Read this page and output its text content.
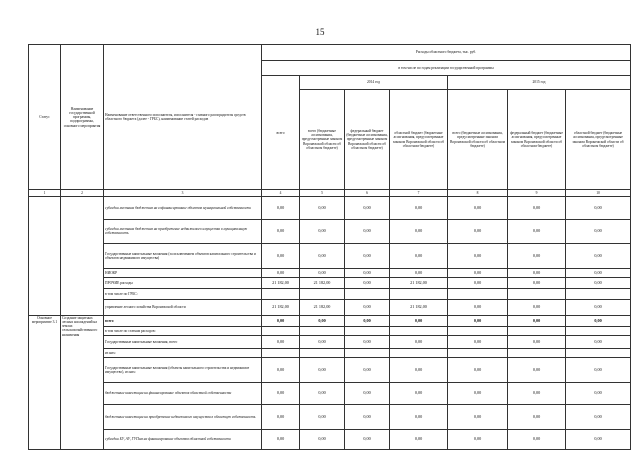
15
Статус	Наименование государственной программы, подпрограммы, основного мероприятия	Наименование ответственного исполнителя, исполнителя - главного распорядителя средств областного бюджета (далее - ГРБС), наименование статей расходов	Расходы областного бюджета, тыс. руб.						
			в том числе по годам реализации государственной программы						
			всего	2014 год			2015 год		
				всего (бюджетные ассигнования, предусмотренные законом Воронежской области об областном бюджете)	федеральный бюджет (бюджетные ассигнования, предусмотренные законом Воронежской области об областном бюджете)	областной бюджет (бюджетные ассигнования, предусмотренные законом Воронежской области об областном бюджете)	всего (бюджетные ассигнования, предусмотренные законом Воронежской области об областном бюджете)	федеральный бюджет (бюджетные ассигнования, предусмотренные законом Воронежской области об областном бюджете)	областной бюджет (бюджетные ассигнования, предусмотренные законом Воронежской области об областном бюджете)
1	2	3	4	5	6	7	8	9	10
		субсидии местным бюджетам на софинансирование объектов муниципальной собственности	0,00	0,00	0,00	0,00	0,00	0,00	0,00
		субсидии местным бюджетам на приобретение недвижимого имущества в муниципальную собственность	0,00	0,00	0,00	0,00	0,00	0,00	0,00
		Государственные капитальные вложения (за исключением объектов капитального строительства и объектов недвижимого имущества)	0,00	0,00	0,00	0,00	0,00	0,00	0,00
		НИОКР	0,00	0,00	0,00	0,00	0,00	0,00	0,00
		ПРОЧИЕ расходы	21 182,00	21 182,00	0,00	21 182,00	0,00	0,00	0,00
		в том числе по ГРБС:							
		управление лесного хозяйства Воронежской области	21 182,00	21 182,00	0,00	21 182,00	0,00	0,00	0,00
Основное мероприятие 3.1	Создание защитных лесных насаждений на землях сельскохозяйственного назначения	всего	0,00	0,00	0,00	0,00	0,00	0,00	0,00
		в том числе по статьям расходов:							
		Государственные капитальные вложения, всего	0,00	0,00	0,00	0,00	0,00	0,00	0,00
		из них:							
		Государственные капитальные вложения (объекты капитального строительства и недвижимое имущество), из них:	0,00	0,00	0,00	0,00	0,00	0,00	0,00
		бюджетные инвестиции на финансирование объектов областной собственности	0,00	0,00	0,00	0,00	0,00	0,00	0,00
		бюджетные инвестиции на приобретение недвижимого имущества в областную собственность	0,00	0,00	0,00	0,00	0,00	0,00	0,00
		субсидии БУ, АУ, ГУПам на финансирование объектов областной собственности	0,00	0,00	0,00	0,00	0,00	0,00	0,00
